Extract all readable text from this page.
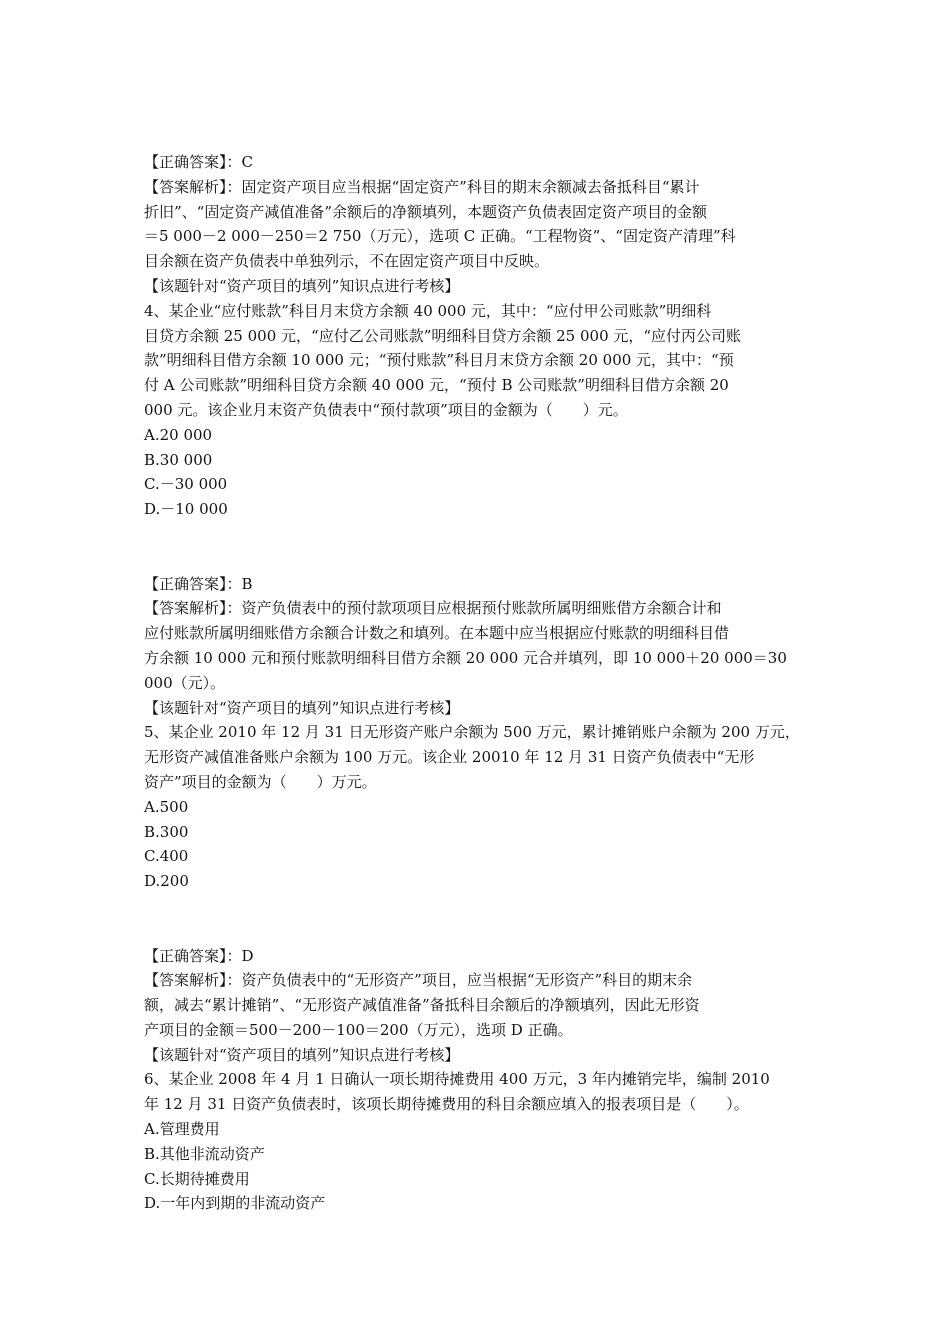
【正确答案】：C
【答案解析】：固定资产项目应当根据“固定资产”科目的期末余额减去备抵科目“累计
折旧”、“固定资产减值准备”余额后的净额填列，本题资产负债表固定资产项目的金额
＝5 000－2 000－250＝2 750（万元），选项 C 正确。“工程物资”、“固定资产清理”科
目余额在资产负债表中单独列示，不在固定资产项目中反映。
【该题针对“资产项目的填列”知识点进行考核】
4、某企业“应付账款”科目月末贷方余额 40 000 元，其中：“应付甲公司账款”明细科
目贷方余额 25 000 元，“应付乙公司账款”明细科目贷方余额 25 000 元，“应付丙公司账
款”明细科目借方余额 10 000 元；“预付账款”科目月末贷方余额 20 000 元，其中：“预
付 A 公司账款”明细科目贷方余额 40 000 元，“预付 B 公司账款”明细科目借方余额 20
000 元。该企业月末资产负债表中“预付款项”项目的金额为（　　）元。
A.20 000
B.30 000
C.－30 000
D.－10 000
【正确答案】：B
【答案解析】：资产负债表中的预付款项项目应根据预付账款所属明细账借方余额合计和
应付账款所属明细账借方余额合计数之和填列。在本题中应当根据应付账款的明细科目借
方余额 10 000 元和预付账款明细科目借方余额 20 000 元合并填列，即 10 000＋20 000＝30
000（元）。
【该题针对“资产项目的填列”知识点进行考核】
5、某企业 2010 年 12 月 31 日无形资产账户余额为 500 万元，累计摊销账户余额为 200 万元，
无形资产减值准备账户余额为 100 万元。该企业 20010 年 12 月 31 日资产负债表中“无形
资产”项目的金额为（　　）万元。
A.500
B.300
C.400
D.200
【正确答案】：D
【答案解析】：资产负债表中的“无形资产”项目，应当根据“无形资产”科目的期末余
额，减去“累计摊销”、“无形资产减值准备”备抵科目余额后的净额填列，因此无形资
产项目的金额＝500－200－100＝200（万元），选项 D 正确。
【该题针对“资产项目的填列”知识点进行考核】
6、某企业 2008 年 4 月 1 日确认一项长期待摊费用 400 万元，3 年内摊销完毕，编制 2010
年 12 月 31 日资产负债表时，该项长期待摊费用的科目余额应填入的报表项目是（　　）。
A.管理费用
B.其他非流动资产
C.长期待摊费用
D.一年内到期的非流动资产
